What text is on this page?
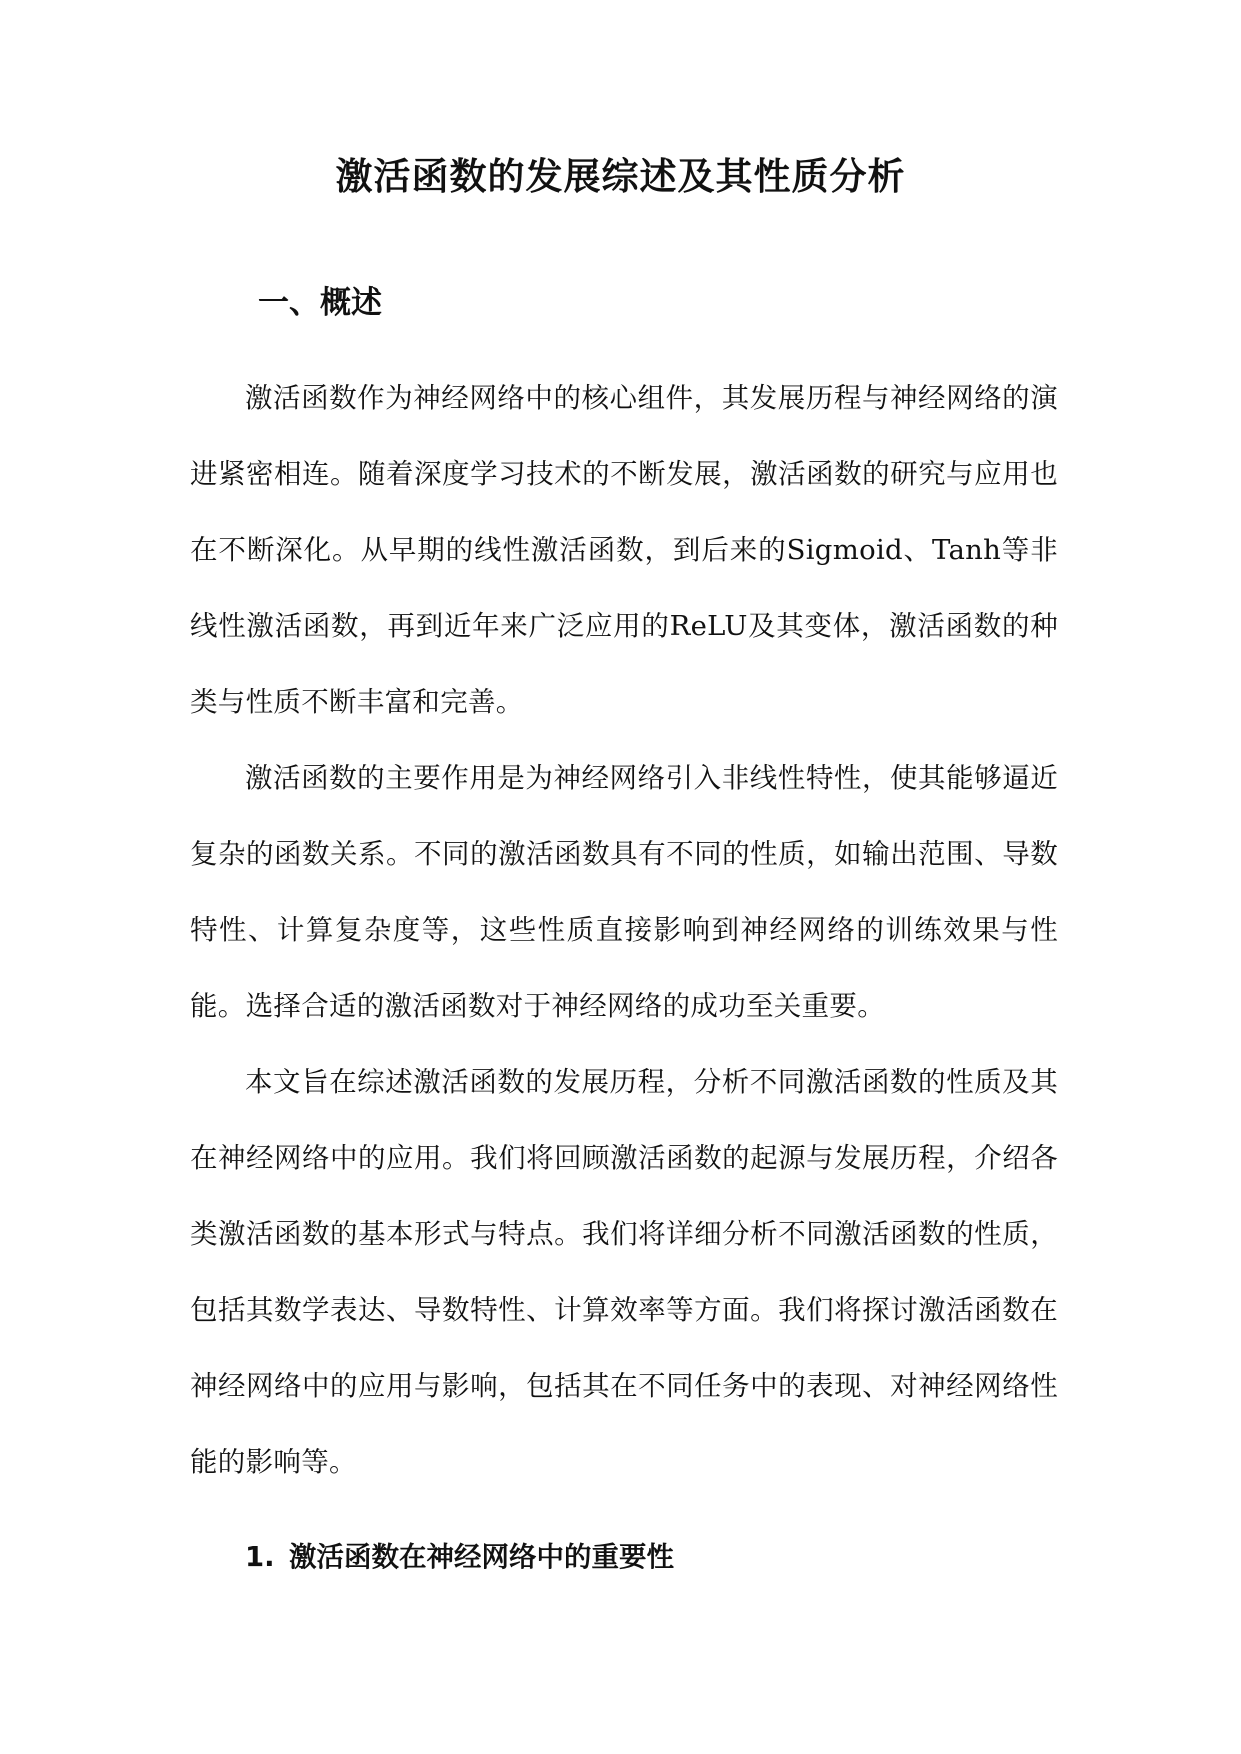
激活函数的发展综述及其性质分析
一、概述

激活函数作为神经网络中的核心组件，其发展历程与神经网络的演进紧密相连。随着深度学习技术的不断发展，激活函数的研究与应用也在不断深化。从早期的线性激活函数，到后来的Sigmoid、Tanh等非线性激活函数，再到近年来广泛应用的ReLU及其变体，激活函数的种类与性质不断丰富和完善。

激活函数的主要作用是为神经网络引入非线性特性，使其能够逼近复杂的函数关系。不同的激活函数具有不同的性质，如输出范围、导数特性、计算复杂度等，这些性质直接影响到神经网络的训练效果与性能。选择合适的激活函数对于神经网络的成功至关重要。

本文旨在综述激活函数的发展历程，分析不同激活函数的性质及其在神经网络中的应用。我们将回顾激活函数的起源与发展历程，介绍各类激活函数的基本形式与特点。我们将详细分析不同激活函数的性质，包括其数学表达、导数特性、计算效率等方面。我们将探讨激活函数在神经网络中的应用与影响，包括其在不同任务中的表现、对神经网络性能的影响等。

1. 激活函数在神经网络中的重要性
